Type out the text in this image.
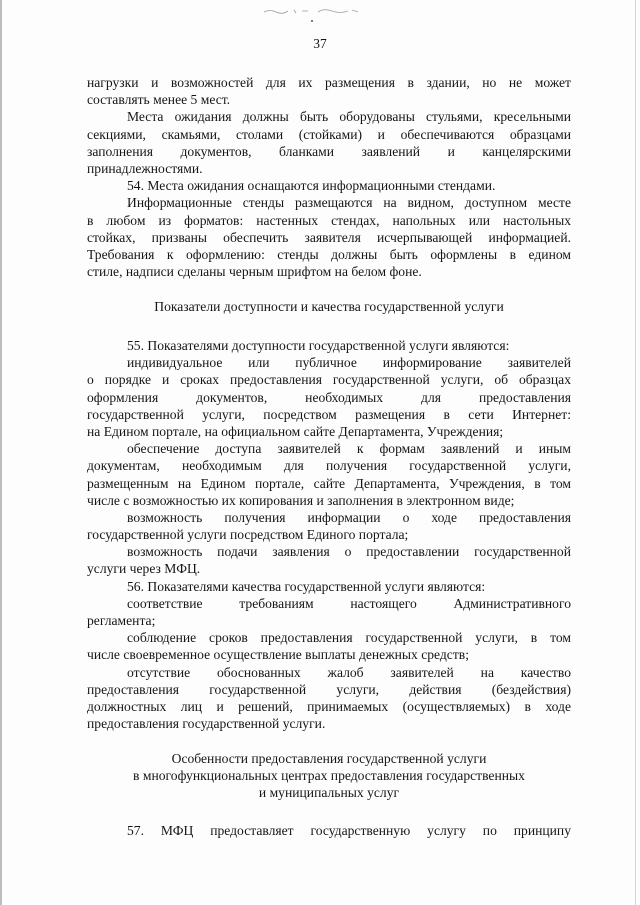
37
нагрузки и возможностей для их размещения в здании, но не может
составлять менее 5 мест.
Места ожидания должны быть оборудованы стульями, кресельными
секциями, скамьями, столами (стойками) и обеспечиваются образцами
заполнения документов, бланками заявлений и канцелярскими
принадлежностями.
54. Места ожидания оснащаются информационными стендами.
Информационные стенды размещаются на видном, доступном месте
в любом из форматов: настенных стендах, напольных или настольных
стойках, призваны обеспечить заявителя исчерпывающей информацией.
Требования к оформлению: стенды должны быть оформлены в едином
стиле, надписи сделаны черным шрифтом на белом фоне.
Показатели доступности и качества государственной услуги
55. Показателями доступности государственной услуги являются:
индивидуальное или публичное информирование заявителей
о порядке и сроках предоставления государственной услуги, об образцах
оформления документов, необходимых для предоставления
государственной услуги, посредством размещения в сети Интернет:
на Едином портале, на официальном сайте Департамента, Учреждения;
обеспечение доступа заявителей к формам заявлений и иным
документам, необходимым для получения государственной услуги,
размещенным на Едином портале, сайте Департамента, Учреждения, в том
числе с возможностью их копирования и заполнения в электронном виде;
возможность получения информации о ходе предоставления
государственной услуги посредством Единого портала;
возможность подачи заявления о предоставлении государственной
услуги через МФЦ.
56. Показателями качества государственной услуги являются:
соответствие требованиям настоящего Административного
регламента;
соблюдение сроков предоставления государственной услуги, в том
числе своевременное осуществление выплаты денежных средств;
отсутствие обоснованных жалоб заявителей на качество
предоставления государственной услуги, действия (бездействия)
должностных лиц и решений, принимаемых (осуществляемых) в ходе
предоставления государственной услуги.
Особенности предоставления государственной услуги
в многофункциональных центрах предоставления государственных
и муниципальных услуг
57. МФЦ предоставляет государственную услугу по принципу
